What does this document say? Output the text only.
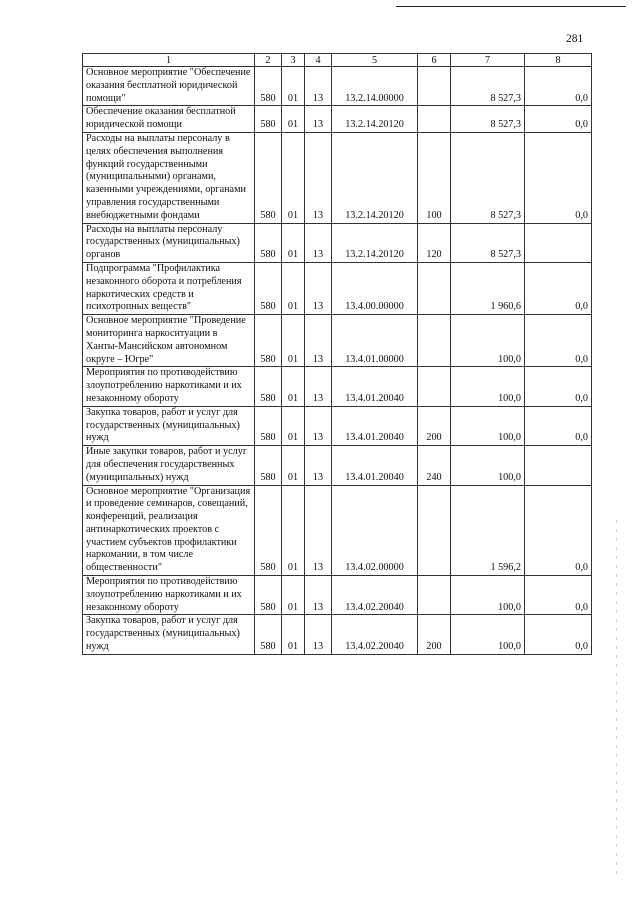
281
1	2	3	4	5	6	7	8
Основное мероприятие "Обеспечение оказания бесплатной юридической помощи"	580	01	13	13.2.14.00000		8 527,3	0,0
Обеспечение оказания бесплатной юридической помощи	580	01	13	13.2.14.20120		8 527,3	0,0
Расходы на выплаты персоналу в целях обеспечения выполнения функций государственными (муниципальными) органами, казенными учреждениями, органами управления государственными внебюджетными фондами	580	01	13	13.2.14.20120	100	8 527,3	0,0
Расходы на выплаты персоналу государственных (муниципальных) органов	580	01	13	13.2.14.20120	120	8 527,3	
Подпрограмма "Профилактика незаконного оборота и потребления наркотических средств и психотропных веществ"	580	01	13	13.4.00.00000		1 960,6	0,0
Основное мероприятие "Проведение мониторинга наркоситуации в Ханты-Мансийском автономном округе – Югре"	580	01	13	13.4.01.00000		100,0	0,0
Мероприятия по противодействию злоупотреблению наркотиками и их незаконному обороту	580	01	13	13.4.01.20040		100,0	0,0
Закупка товаров, работ и услуг для государственных (муниципальных) нужд	580	01	13	13.4.01.20040	200	100,0	0,0
Иные закупки товаров, работ и услуг для обеспечения государственных (муниципальных) нужд	580	01	13	13.4.01.20040	240	100,0	
Основное мероприятие "Организация и проведение семинаров, совещаний, конференций, реализация антинаркотических проектов с участием субъектов профилактики наркомании, в том числе общественности"	580	01	13	13.4.02.00000		1 596,2	0,0
Мероприятия по противодействию злоупотреблению наркотиками и их незаконному обороту	580	01	13	13.4.02.20040		100,0	0,0
Закупка товаров, работ и услуг для государственных (муниципальных) нужд	580	01	13	13.4.02.20040	200	100,0	0,0
